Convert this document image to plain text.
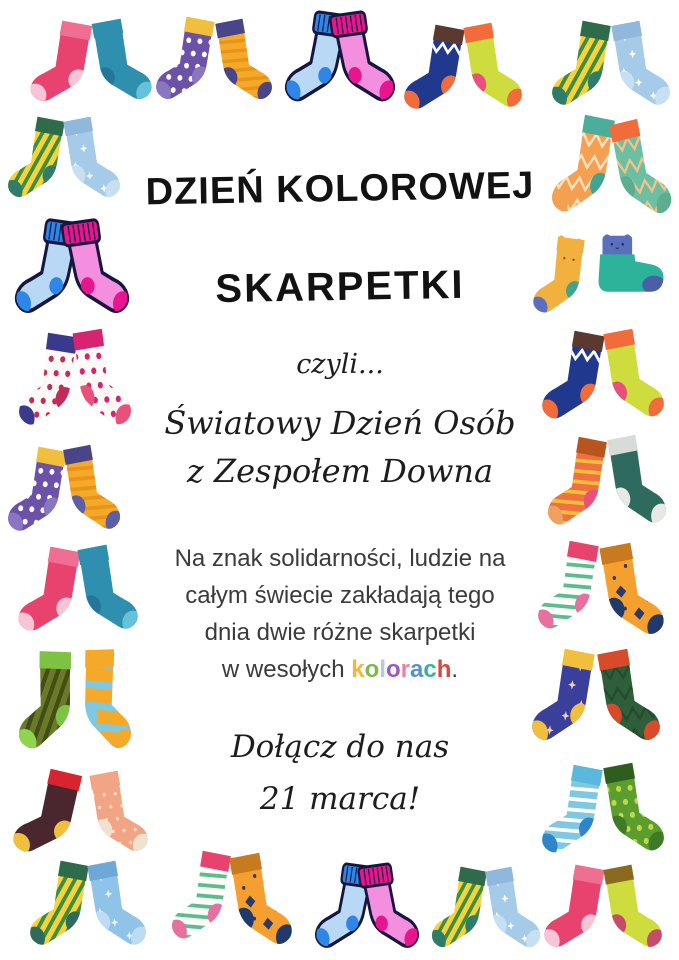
DZIEŃ KOLOROWEJ
SKARPETKI

czyli...

Światowy Dzień Osób

z Zespołem Downa

Na znak solidarności, ludzie na
całym świecie zakładają tego
dnia dwie różne skarpetki
w wesołych kolorach.

Dołącz do nas

21 marca!
